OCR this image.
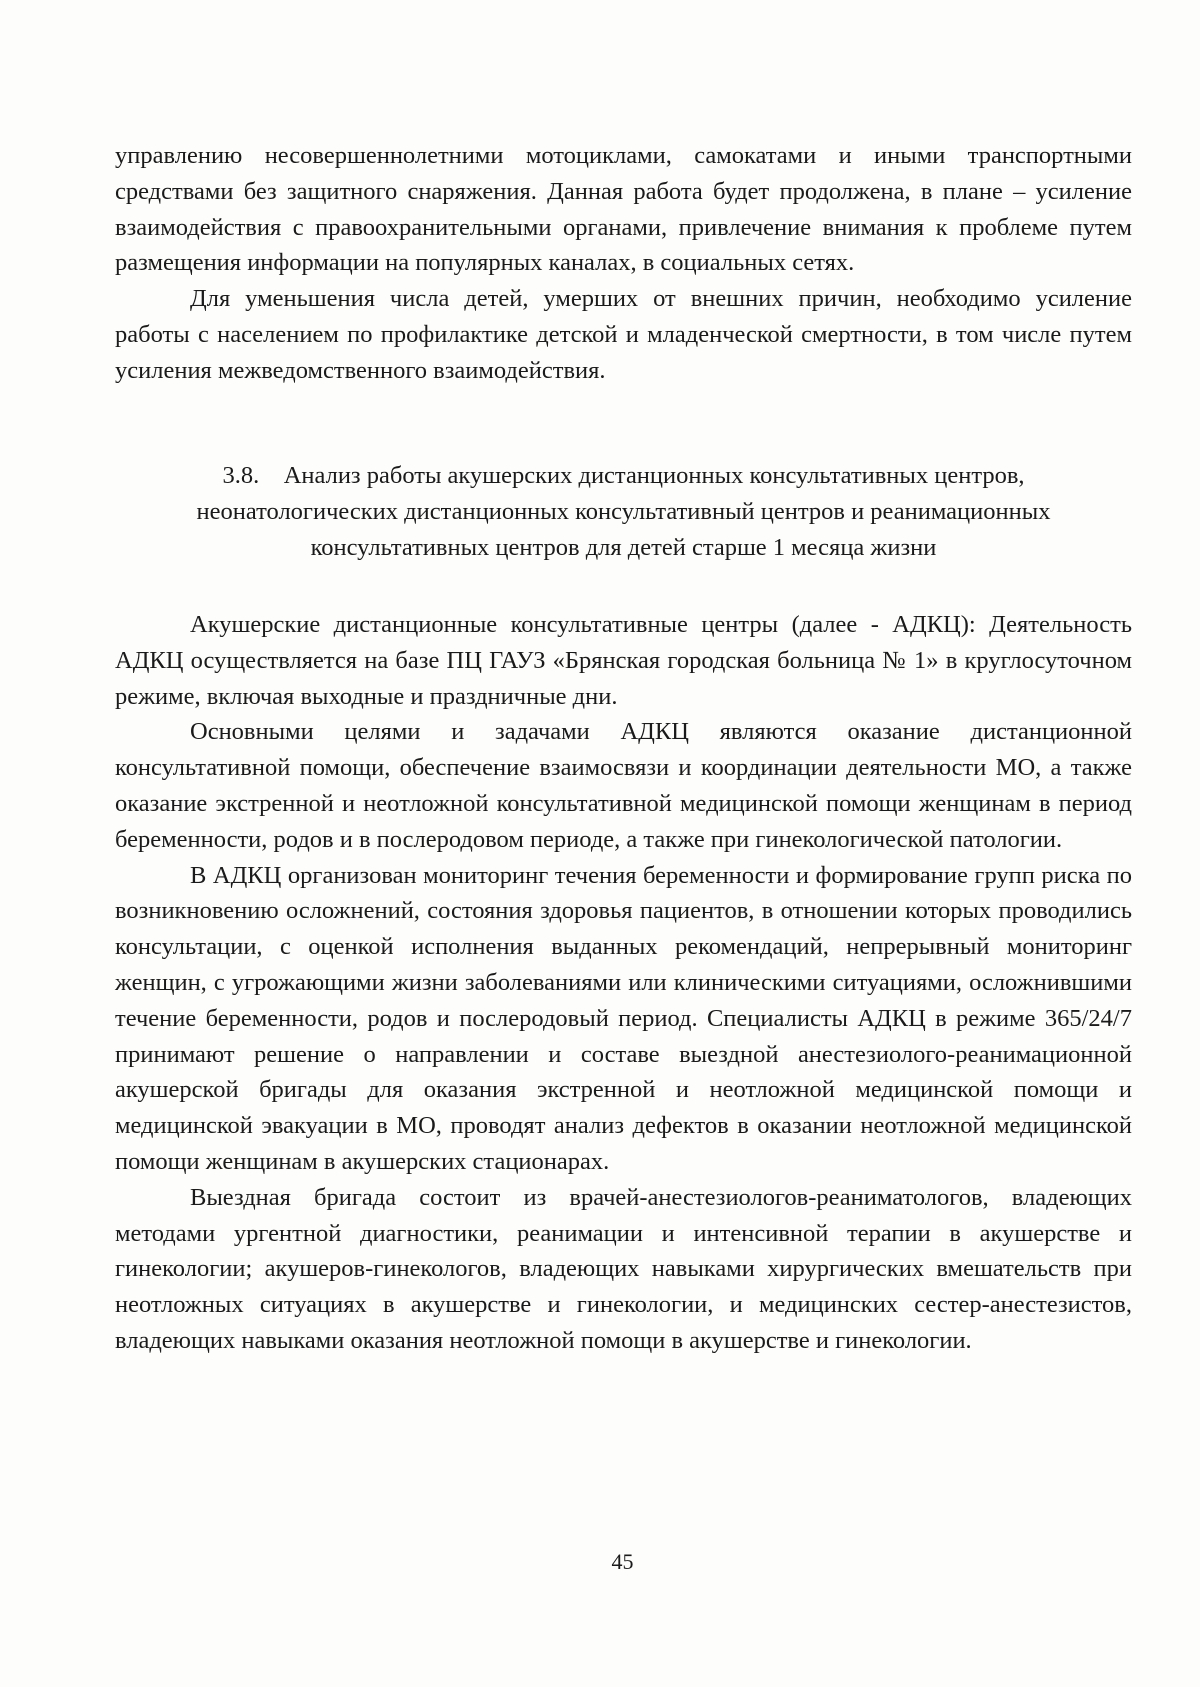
управлению несовершеннолетними мотоциклами, самокатами и иными транспортными средствами без защитного снаряжения. Данная работа будет продолжена, в плане – усиление взаимодействия с правоохранительными органами, привлечение внимания к проблеме путем размещения информации на популярных каналах, в социальных сетях.

Для уменьшения числа детей, умерших от внешних причин, необходимо усиление работы с населением по профилактике детской и младенческой смертности, в том числе путем усиления межведомственного взаимодействия.

3.8. Анализ работы акушерских дистанционных консультативных центров,
неонатологических дистанционных консультативный центров и реанимационных
консультативных центров для детей старше 1 месяца жизни

Акушерские дистанционные консультативные центры (далее - АДКЦ): Деятельность АДКЦ осуществляется на базе ПЦ ГАУЗ «Брянская городская больница № 1» в круглосуточном режиме, включая выходные и праздничные дни.

Основными целями и задачами АДКЦ являются оказание дистанционной консультативной помощи, обеспечение взаимосвязи и координации деятельности МО, а также оказание экстренной и неотложной консультативной медицинской помощи женщинам в период беременности, родов и в послеродовом периоде, а также при гинекологической патологии.

В АДКЦ организован мониторинг течения беременности и формирование групп риска по возникновению осложнений, состояния здоровья пациентов, в отношении которых проводились консультации, с оценкой исполнения выданных рекомендаций, непрерывный мониторинг женщин, с угрожающими жизни заболеваниями или клиническими ситуациями, осложнившими течение беременности, родов и послеродовый период. Специалисты АДКЦ в режиме 365/24/7 принимают решение о направлении и составе выездной анестезиолого-реанимационной акушерской бригады для оказания экстренной и неотложной медицинской помощи и медицинской эвакуации в МО, проводят анализ дефектов в оказании неотложной медицинской помощи женщинам в акушерских стационарах.

Выездная бригада состоит из врачей-анестезиологов-реаниматологов, владеющих методами ургентной диагностики, реанимации и интенсивной терапии в акушерстве и гинекологии; акушеров-гинекологов, владеющих навыками хирургических вмешательств при неотложных ситуациях в акушерстве и гинекологии, и медицинских сестер-анестезистов, владеющих навыками оказания неотложной помощи в акушерстве и гинекологии.

45
